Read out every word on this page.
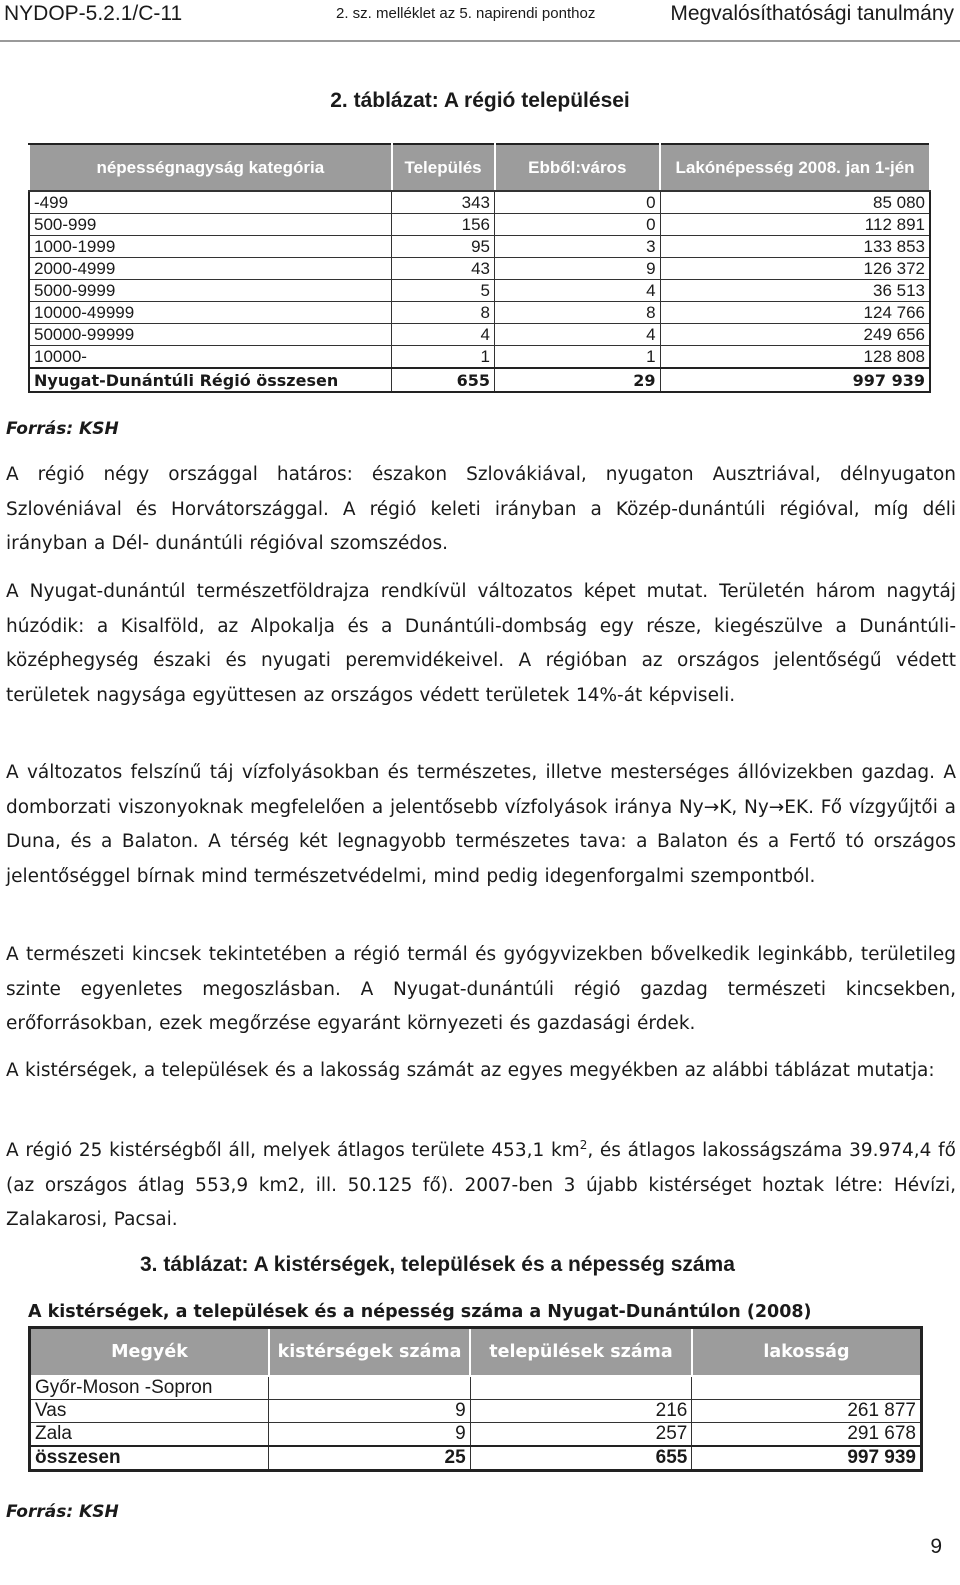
NYDOP-5.2.1/C-11	2. sz. melléklet az 5. napirendi ponthoz	Megvalósíthatósági tanulmány
2. táblázat: A régió települései
népességnagyság kategória	Település	Ebből:város	Lakónépesség 2008. jan 1-jén
-499	343	0	85 080
500-999	156	0	112 891
1000-1999	95	3	133 853
2000-4999	43	9	126 372
5000-9999	5	4	36 513
10000-49999	8	8	124 766
50000-99999	4	4	249 656
10000-	1	1	128 808
Nyugat-Dunántúli Régió összesen	655	29	997 939
Forrás: KSH
A régió négy országgal határos: északon Szlovákiával, nyugaton Ausztriával, délnyugaton Szlovéniával és Horvátországgal. A régió keleti irányban a Közép-dunántúli régióval, míg déli irányban a Dél- dunántúli régióval szomszédos.
A Nyugat-dunántúl természetföldrajza rendkívül változatos képet mutat. Területén három nagytáj húzódik: a Kisalföld, az Alpokalja és a Dunántúli-dombság egy része, kiegészülve a Dunántúli-középhegység északi és nyugati peremvidékeivel. A régióban az országos jelentőségű védett területek nagysága együttesen az országos védett területek 14%-át képviseli.
A változatos felszínű táj vízfolyásokban és természetes, illetve mesterséges állóvizekben gazdag. A domborzati viszonyoknak megfelelően a jelentősebb vízfolyások iránya Ny→K, Ny→EK. Fő vízgyűjtői a Duna, és a Balaton. A térség két legnagyobb természetes tava: a Balaton és a Fertő tó országos jelentőséggel bírnak mind természetvédelmi, mind pedig idegenforgalmi szempontból.
A természeti kincsek tekintetében a régió termál és gyógyvizekben bővelkedik leginkább, területileg szinte egyenletes megoszlásban. A Nyugat-dunántúli régió gazdag természeti kincsekben, erőforrásokban, ezek megőrzése egyaránt környezeti és gazdasági érdek.
A kistérségek, a települések és a lakosság számát az egyes megyékben az alábbi táblázat mutatja:
A régió 25 kistérségből áll, melyek átlagos területe 453,1 $km^2$, és átlagos lakosságszáma 39.974,4 fő (az országos átlag 553,9 km2, ill. 50.125 fő). 2007-ben 3 újabb kistérséget hoztak létre: Hévízi, Zalakarosi, Pacsai.
3. táblázat: A kistérségek, települések és a népesség száma
A kistérségek, a települések és a népesség száma a Nyugat-Dunántúlon (2008)
Megyék	kistérségek száma	települések száma	lakosság
Győr-Moson -Sopron			
Vas	9	216	261 877
Zala	9	257	291 678
összesen	25	655	997 939
Forrás: KSH
9
